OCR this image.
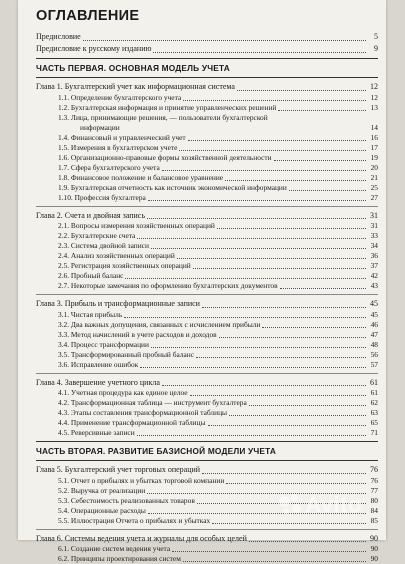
ОГЛАВЛЕНИЕ
Предисловие	5
Предисловие к русскому изданию	9
ЧАСТЬ ПЕРВАЯ. ОСНОВНАЯ МОДЕЛЬ УЧЕТА
Глава 1. Бухгалтерский учет как информационная система	12
1.1. Определение бухгалтерского учета	12
1.2. Бухгалтерская информация и принятие управленческих решений	13
1.3. Лица, принимающие решения, — пользователи бухгалтерской
информации	14
1.4. Финансовый и управленческий учет	16
1.5. Измерения в бухгалтерском учете	17
1.6. Организационно-правовые формы хозяйственной деятельности	19
1.7. Сфера бухгалтерского учета	20
1.8. Финансовое положение и балансовое уравнение	21
1.9. Бухгалтерская отчетность как источник экономической информации	25
1.10. Профессия бухгалтера	27
Глава 2. Счета и двойная запись	31
2.1. Вопросы измерения хозяйственных операций	31
2.2. Бухгалтерские счета	33
2.3. Система двойной записи	34
2.4. Анализ хозяйственных операций	36
2.5. Регистрация хозяйственных операций	37
2.6. Пробный баланс	42
2.7. Некоторые замечания по оформлению бухгалтерских документов	43
Глава 3. Прибыль и трансформационные записи	45
3.1. Чистая прибыль	45
3.2. Два важных допущения, связанных с исчислением прибыли	46
3.3. Метод начислений в учете расходов и доходов	47
3.4. Процесс трансформации	48
3.5. Трансформированный пробный баланс	56
3.6. Исправление ошибок	57
Глава 4. Завершение учетного цикла	61
4.1. Учетная процедура как единое целое	61
4.2. Трансформационная таблица — инструмент бухгалтера	62
4.3. Этапы составления трансформационной таблицы	63
4.4. Применение трансформационной таблицы	65
4.5. Реверсивные записи	71
ЧАСТЬ ВТОРАЯ. РАЗВИТИЕ БАЗИСНОЙ МОДЕЛИ УЧЕТА
Глава 5. Бухгалтерский учет торговых операций	76
5.1. Отчет о прибылях и убытках торговой компании	76
5.2. Выручка от реализации	77
5.3. Себестоимость реализованных товаров	80
5.4. Операционные расходы	84
5.5. Иллюстрация Отчета о прибылях и убытках	85
Глава 6. Системы ведения учета и журналы для особых целей	90
6.1. Создание систем ведения учета	90
6.2. Принципы проектирования систем	90
Avito
